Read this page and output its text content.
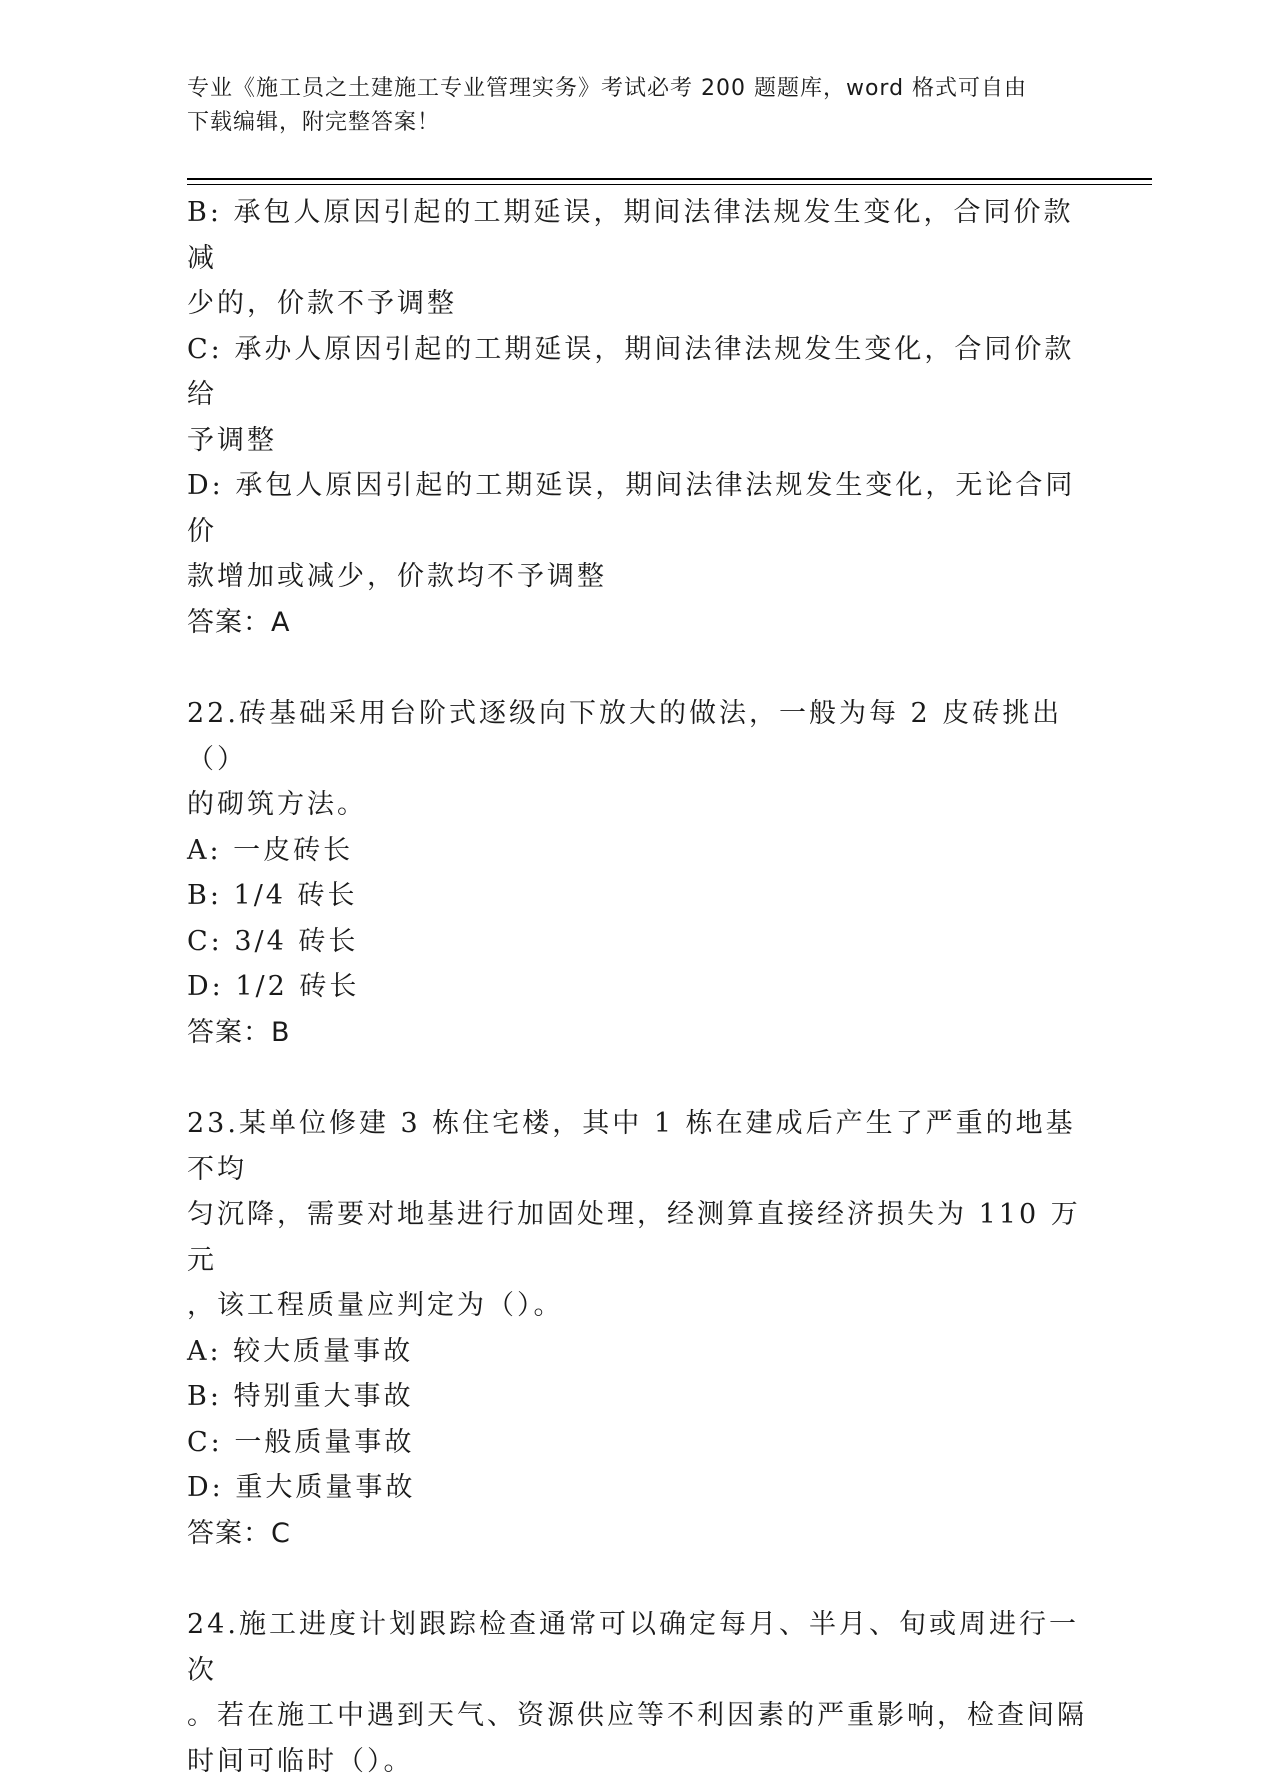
专业《施工员之土建施工专业管理实务》考试必考 200 题题库，word 格式可自由
下载编辑，附完整答案！

B: 承包人原因引起的工期延误，期间法律法规发生变化，合同价款减

少的，价款不予调整

C: 承办人原因引起的工期延误，期间法律法规发生变化，合同价款给

予调整

D: 承包人原因引起的工期延误，期间法律法规发生变化，无论合同价

款增加或减少，价款均不予调整

答案：A

22.砖基础采用台阶式逐级向下放大的做法，一般为每 2 皮砖挑出（）

的砌筑方法。

A: 一皮砖长

B: 1/4 砖长

C: 3/4 砖长

D: 1/2 砖长

答案：B

23.某单位修建 3 栋住宅楼，其中 1 栋在建成后产生了严重的地基不均

匀沉降，需要对地基进行加固处理，经测算直接经济损失为 110 万元

，该工程质量应判定为（）。

A: 较大质量事故

B: 特别重大事故

C: 一般质量事故

D: 重大质量事故

答案：C

24.施工进度计划跟踪检查通常可以确定每月、半月、旬或周进行一次

。若在施工中遇到天气、资源供应等不利因素的严重影响，检查间隔

时间可临时（）。
